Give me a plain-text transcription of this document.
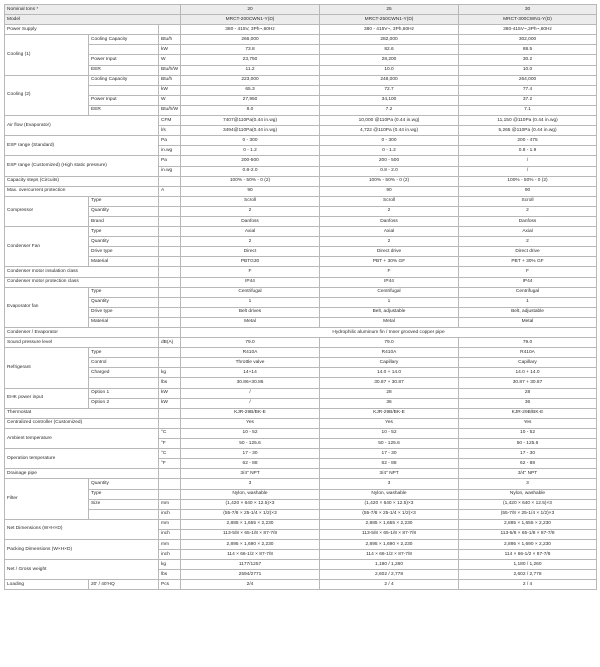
Nominal tons *			20	25	30
Model			MRCT-200CWN1-Y(D)	MRCT-250CWN1-Y(D)	MRCT-300CWN1-Y(D)
Power Supply			380 - 415V, 3Ph~,60Hz	380 - 415V~, 3Ph,60Hz	380-415V~,3Ph~,60Hz
Cooling (1)	Cooling Capacity	Btu/h	266,000	282,000	302,000
		kW	73.8	82.6	88.5
	Power Input	W	23,750	28,200	30.2
	EER	Btu/h/W	11.2	10.0	10.0
Cooling (2)	Cooling Capacity	Btu/h	223,000	248,000	264,000
		kW	65.3	72.7	77.4
	Power Input	W	27,950	34,100	37.2
	EER	Btu/h/W	8.0	7.2	7.1
Air flow (Evaporator)		CFM	7407@110Pa(0.44 in.wg)	10,000 @110Pa (0.44 in.wg)	11,150 @110Pa (0.44 in.wg)
		l/s	3494@110Pa(0.44 in.wg)	4,722 @110Pa (0.44 in.wg)	5,265 @110Pa (0.44 in.wg)
ESP range (Standard)		Pa	0 - 300	0 - 300	200 - 475
		in.wg	0 - 1.2	0 - 1.2	0.8 - 1.9
ESP range (Customized) (High static pressure)		Pa	200-500	200 - 500	/
		in.wg	0.8-2.0	0.8 - 2.0	/
Capacity steps (Circuits)			100% - 50% - 0 (2)	100% - 50% - 0 (2)	100% - 50% - 0 (2)
Max. overcurrent protection		A	90	90	90
Compressor	Type		Scroll	Scroll	Scroll
	Quantity		2	2	2
	Brand		Danfoss	Danfoss	Danfoss
Condenser Fan	Type		Axial	Axial	Axial
	Quantity		2	2	2
	Drive type		Direct	Direct drive	Direct drive
	Material		PBTG30	PBT + 30% GF	PBT + 30% GF
Condenser motor insulation class			F	F	F
Condenser motor protection class			IP44	IP44	IP44
Evaporator fan	Type		Centrifugal	Centrifugal	Centrifugal
	Quantity		1	1	1
	Drive type		Belt drives	Belt, adjustable	Belt, adjustable
	Material		Metal	Metal	Metal
Condenser / Evaporator			Hydrophilic aluminum fin / Inner grooved copper pipe		
Sound pressure level		dB(A)	79.0	79.0	79.0
Refrigerant	Type		R410A	R410A	R410A
	Control		Throttle valve	Capillary	Capillary
	Charged	kg	14+14	14.0 + 14.0	14.0 + 14.0
		lbs	30.86+30.86	30.87 + 30.87	30.87 + 30.87
EHK power input	Option 1	kW	/	28	28
	Option 2	kW	/	36	36
Thermostat			KJR-29B/BK-E	KJR-29B/BK-E	KJR-29B/BK-E
Centralized controller (Customized)			Yes	Yes	Yes
Ambient temperature		°C	10 - 52	10 - 52	10 - 52
		°F	50 - 125.6	50 - 125.6	50 - 125.6
Operation temperature		°C	17 - 30	17 - 30	17 - 30
		°F	62 - 88	62 - 88	62 - 88
Drainage pipe			3/4" NPT	3/4" NPT	3/4" NPT
Filter	Quantity		3	3	3
	Type		Nylon, washable	Nylon, washable	Nylon, washable
	Size	mm	(1,420 × 640 × 12.5)×3	(1,420 × 640 × 12.5)×3	(1,420 × 640 × 12.5)×3
		inch	(55-7/8 × 25-1/4 × 1/2)×3	(55-7/8 × 25-1/4 × 1/2)×3	(55-7/8 × 25-1/4 × 1/2)×3
Net Dimensions (W×H×D)		mm	2,885 × 1,655 × 2,230	2,885 × 1,655 × 2,230	2,885 × 1,655 × 2,230
		inch	113-5/8 × 65-1/8 × 87-7/8	113-5/8 × 65-1/8 × 87-7/8	113-5/8 × 65-1/8 × 87-7/8
Packing Dimensions (W×H×D)		mm	2,895 × 1,690 × 2,230	2,895 × 1,690 × 2,230	2,895 × 1,690 × 2,230
		inch	114 × 66-1/2 × 87-7/8	114 × 66-1/2 × 87-7/8	114 × 66-1/2 × 87-7/8
Net / Gross weight		kg	1177/1257	1,180 / 1,260	1,180 / 1,260
		lbs	2594/2771	2,602 / 2,778	2,602 / 2,778
Loading	20' / 40'HQ	Pcs	2/4	2 / 4	2 / 4
